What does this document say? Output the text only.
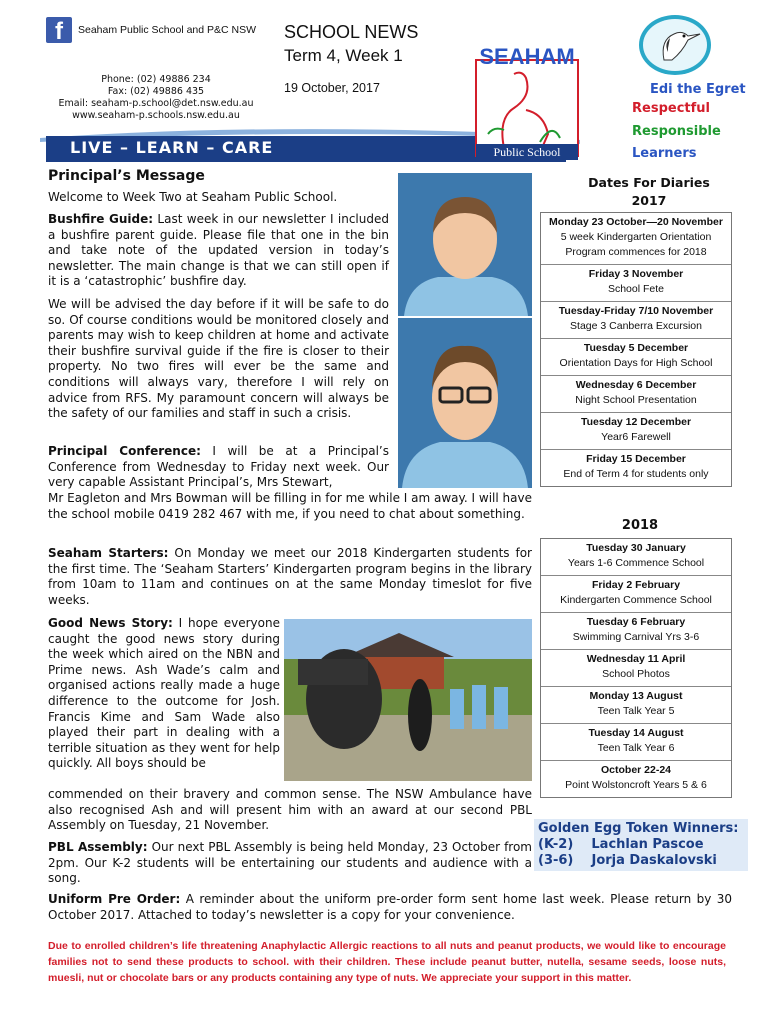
f Seaham Public School and P&C NSW
Phone: (02) 49886 234
Fax: (02) 49886 435
Email: seaham-p.school@det.nsw.edu.au
www.seaham-p.schools.nsw.edu.au
SCHOOL NEWS
Term 4, Week 1
19 October, 2017
LIVE – LEARN – CARE
SEAHAM
Public School
Edi the Egret
Respectful
Responsible
Learners
Principal’s Message
Welcome to Week Two at Seaham Public School.
Bushfire Guide: Last week in our newsletter I included a bushfire parent guide. Please file that one in the bin and take note of the updated version in today’s newsletter. The main change is that we can still open if it is a ‘catastrophic’ bushfire day.
We will be advised the day before if it will be safe to do so. Of course conditions would be monitored closely and parents may wish to keep children at home and activate their bushfire survival guide if the fire is closer to their property. No two fires will ever be the same and conditions will always vary, therefore I will rely on advice from RFS. My paramount concern will always be the safety of our families and staff in such a crisis.
Principal Conference: I will be at a Principal’s Conference from Wednesday to Friday next week. Our very capable Assistant Principal’s, Mrs Stewart,
Mr Eagleton and Mrs Bowman will be filling in for me while I am away. I will have the school mobile 0419 282 467 with me, if you need to chat about something.
Seaham Starters: On Monday we meet our 2018 Kindergarten students for the first time. The ‘Seaham Starters’ Kindergarten program begins in the library from 10am to 11am and continues on at the same Monday timeslot for five weeks.
Good News Story: I hope everyone caught the good news story during the week which aired on the NBN and Prime news. Ash Wade’s calm and organised actions really made a huge difference to the outcome for Josh. Francis Kime and Sam Wade also played their part in dealing with a terrible situation as they went for help quickly. All boys should be
commended on their bravery and common sense. The NSW Ambulance have also recognised Ash and will present him with an award at our second PBL Assembly on Tuesday, 21 November.
PBL Assembly: Our next PBL Assembly is being held Monday, 23 October from 2pm. Our K-2 students will be entertaining our students and audience with a song.
Uniform Pre Order: A reminder about the uniform pre-order form sent home last week. Please return by 30 October 2017. Attached to today’s newsletter is a copy for your convenience.
Due to enrolled children’s life threatening Anaphylactic Allergic reactions to all nuts and peanut products, we would like to encourage families not to send these products to school. with their children. These include peanut butter, nutella, sesame seeds, loose nuts, muesli, nut or chocolate bars or any products containing any type of nuts. We appreciate your support in this matter.
Dates For Diaries
2017
Monday 23 October—20 November
5 week Kindergarten Orientation Program commences for 2018
Friday 3 November
School Fete
Tuesday-Friday 7/10 November
Stage 3 Canberra Excursion
Tuesday 5 December
Orientation Days for High School
Wednesday 6 December
Night School Presentation
Tuesday 12 December
Year6 Farewell
Friday 15 December
End of Term 4 for students only
2018
Tuesday 30 January
Years 1-6 Commence School
Friday 2 February
Kindergarten Commence School
Tuesday 6 February
Swimming Carnival Yrs 3-6
Wednesday 11 April
School Photos
Monday 13 August
Teen Talk Year 5
Tuesday 14 August
Teen Talk Year 6
October 22-24
Point Wolstoncroft Years 5 & 6
Golden Egg Token Winners:
(K-2) Lachlan Pascoe
(3-6) Jorja Daskalovski
